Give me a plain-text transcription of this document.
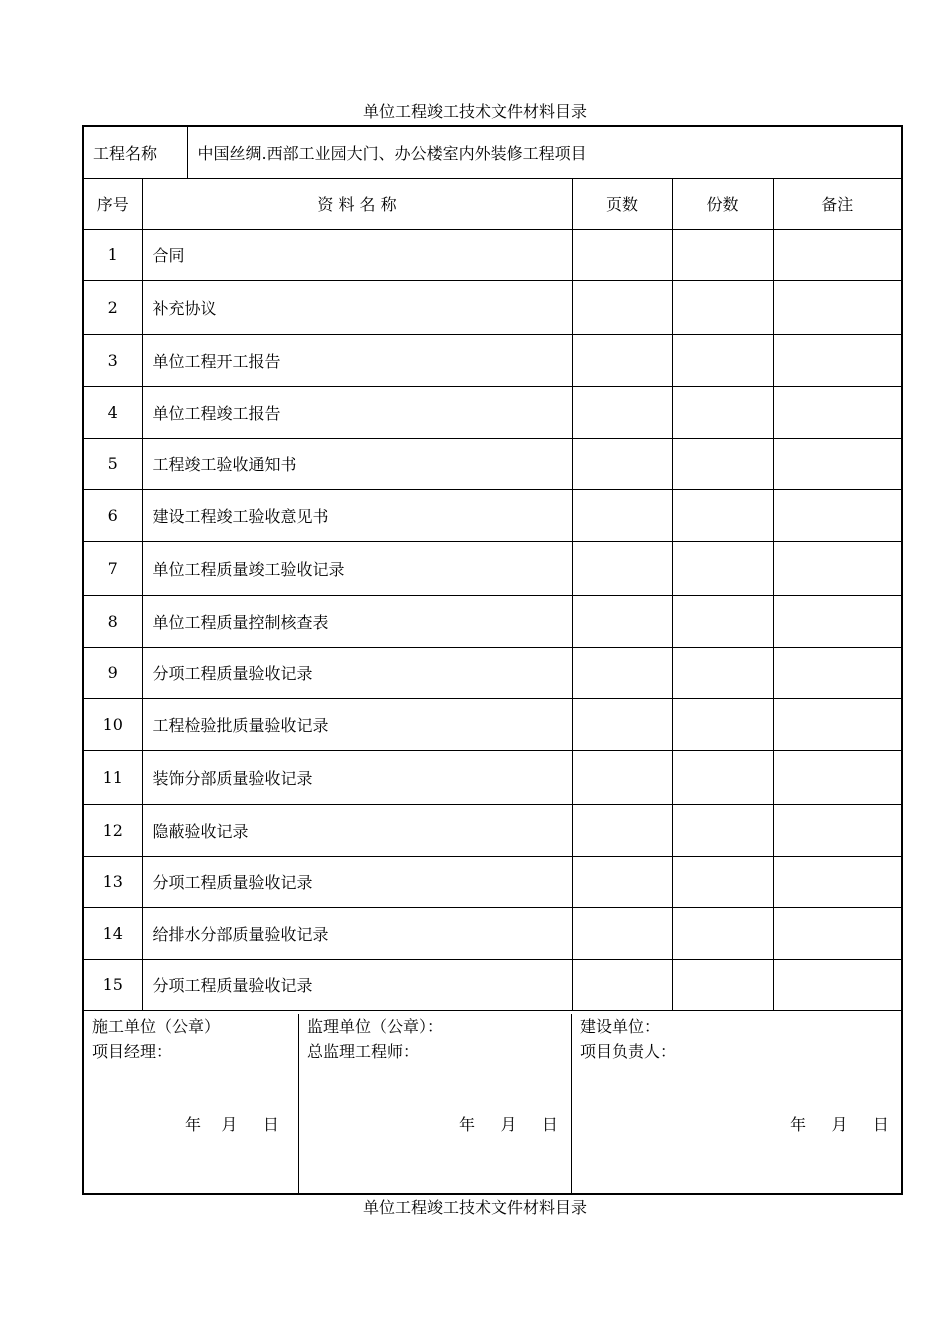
单位工程竣工技术文件材料目录
工程名称		中国丝绸.西部工业园大门、办公楼室内外装修工程项目			
序号	资 料 名 称		页数	份数	备注
1	合同				
2	补充协议				
3	单位工程开工报告				
4	单位工程竣工报告				
5	工程竣工验收通知书				
6	建设工程竣工验收意见书				
7	单位工程质量竣工验收记录				
8	单位工程质量控制核查表				
9	分项工程质量验收记录				
10	工程检验批质量验收记录				
11	装饰分部质量验收记录				
12	隐蔽验收记录				
13	分项工程质量验收记录				
14	给排水分部质量验收记录				
15	分项工程质量验收记录				
施工单位（公章）
项目经理：
年 月 日
监理单位（公章）：
总监理工程师：
年 月 日
建设单位：
项目负责人：
年 月 日
单位工程竣工技术文件材料目录
